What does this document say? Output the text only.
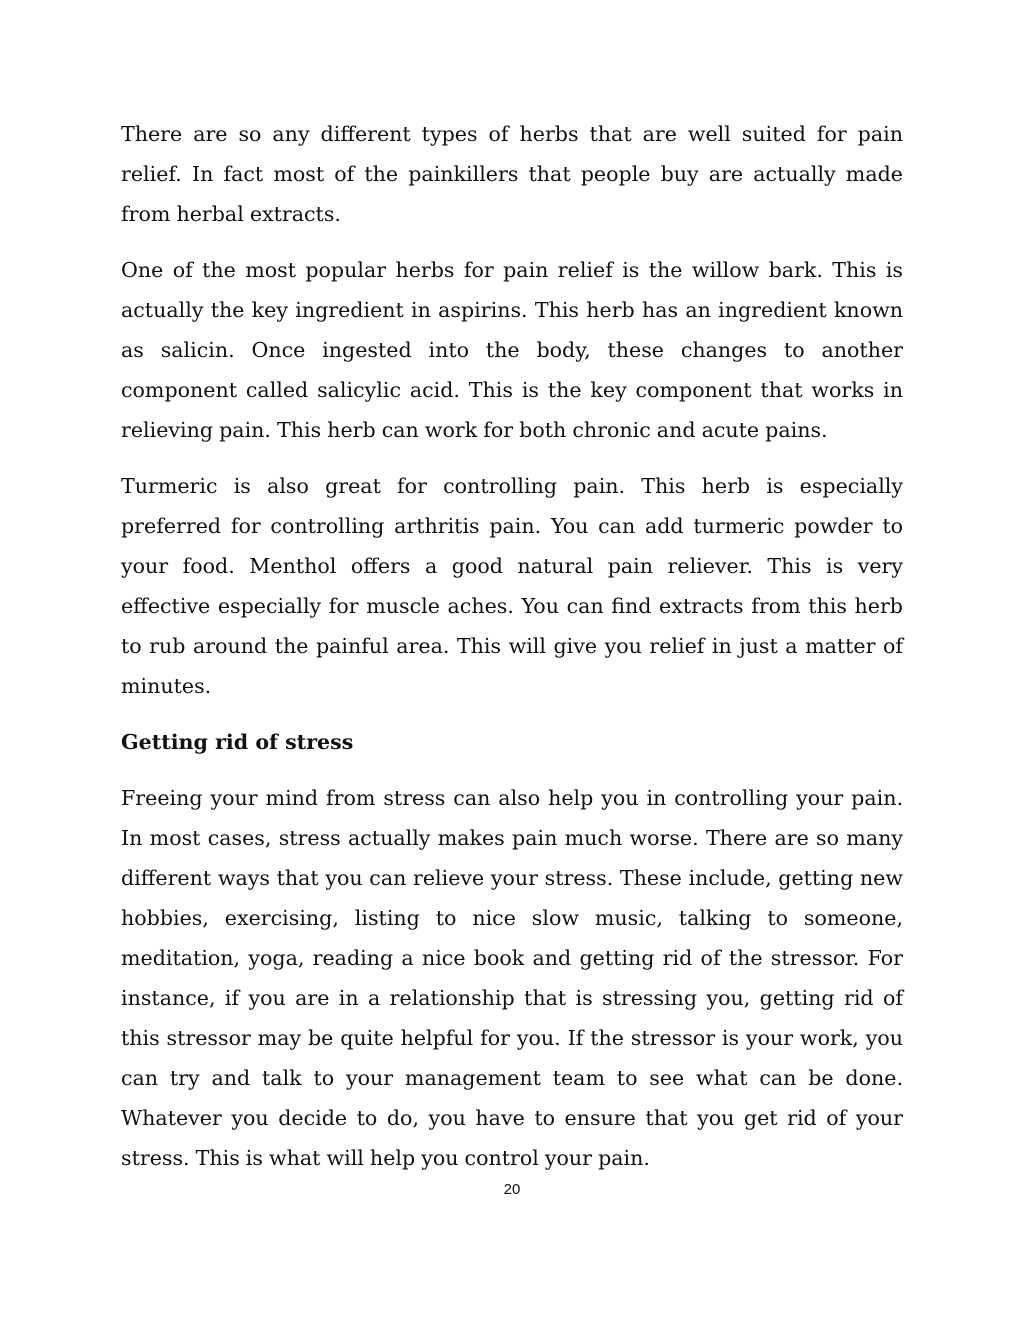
There are so any different types of herbs that are well suited for pain relief. In fact most of the painkillers that people buy are actually made from herbal extracts.

One of the most popular herbs for pain relief is the willow bark. This is actually the key ingredient in aspirins. This herb has an ingredient known as salicin. Once ingested into the body, these changes to another component called salicylic acid. This is the key component that works in relieving pain. This herb can work for both chronic and acute pains.

Turmeric is also great for controlling pain. This herb is especially preferred for controlling arthritis pain. You can add turmeric powder to your food. Menthol offers a good natural pain reliever. This is very effective especially for muscle aches. You can find extracts from this herb to rub around the painful area. This will give you relief in just a matter of minutes.

Getting rid of stress

Freeing your mind from stress can also help you in controlling your pain. In most cases, stress actually makes pain much worse. There are so many different ways that you can relieve your stress. These include, getting new hobbies, exercising, listing to nice slow music, talking to someone, meditation, yoga, reading a nice book and getting rid of the stressor. For instance, if you are in a relationship that is stressing you, getting rid of this stressor may be quite helpful for you. If the stressor is your work, you can try and talk to your management team to see what can be done. Whatever you decide to do, you have to ensure that you get rid of your stress. This is what will help you control your pain.

20
